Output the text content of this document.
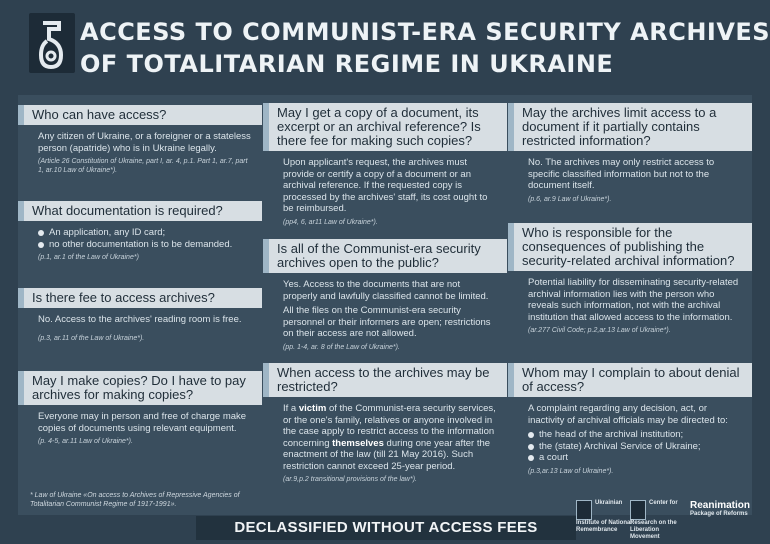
ACCESS TO COMMUNIST-ERA SECURITY ARCHIVES
OF TOTALITARIAN REGIME IN UKRAINE
Who can have access?
Any citizen of Ukraine, or a foreigner or a stateless person (apatride) who is in Ukraine legally.
(Article 26 Constitution of Ukraine, part I, ar. 4, p.1. Part 1, ar.7, part 1, ar.10 Law of Ukraine*).
What documentation is required?
An application, any ID card;
no other documentation is to be demanded.
(p.1, ar.1 of the Law of Ukraine*)
Is there fee to access archives?
No. Access to the archives' reading room is free.
(p.3, ar.11 of the Law of Ukraine*).
May I make copies? Do I have to pay archives for making copies?
Everyone may in person and free of charge make copies of documents using relevant equipment.
(p. 4-5, ar.11 Law of Ukraine*).
May I get a copy of a document, its excerpt or an archival reference? Is there fee for making such copies?
Upon applicant's request, the archives must provide or certify a copy of a document or an archival reference. If the requested copy is processed by the archives' staff, its cost ought to be reimbursed.
(pp4, 6, ar11 Law of Ukraine*).
Is all of the Communist-era security archives open to the public?

Yes. Access to the documents that are not properly and lawfully classified cannot be limited.

All the files on the Communist-era security personnel or their informers are open; restrictions on their access are not allowed.

(pp. 1-4, ar. 8 of the Law of Ukraine*).
When access to the archives may be restricted?
If a victim of the Communist-era security services, or the one's family, relatives or anyone involved in the case apply to restrict access to the information concerning themselves during one year after the enactment of the law (till 21 May 2016). Such restriction cannot exceed 25-year period.
(ar.9,p.2 transitional provisions of the law*).
May the archives limit access to a document if it partially contains restricted information?
No. The archives may only restrict access to specific classified information but not to the document itself.
(p.6, ar.9 Law of Ukraine*).
Who is responsible for the consequences of publishing the security-related archival information?
Potential liability for disseminating security-related archival information lies with the person who reveals such information, not with the archival institution that allowed access to the information.
(ar.277 Civil Code; p.2,ar.13 Law of Ukraine*).
Whom may I complain to about denial of access?

A complaint regarding any decision, act, or inactivity of archival officials may be directed to:

the head of the archival institution;
the (state) Archival Service of Ukraine;
a court
(p.3,ar.13 Law of Ukraine*).
* Law of Ukraine «On access to Archives of Repressive Agencies of Totalitarian Communist Regime of 1917-1991».
DECLASSIFIED WITHOUT ACCESS FEES
Ukrainian Institute of National Remembrance
Center for Research on the Liberation Movement
Reanimation
Package of Reforms
